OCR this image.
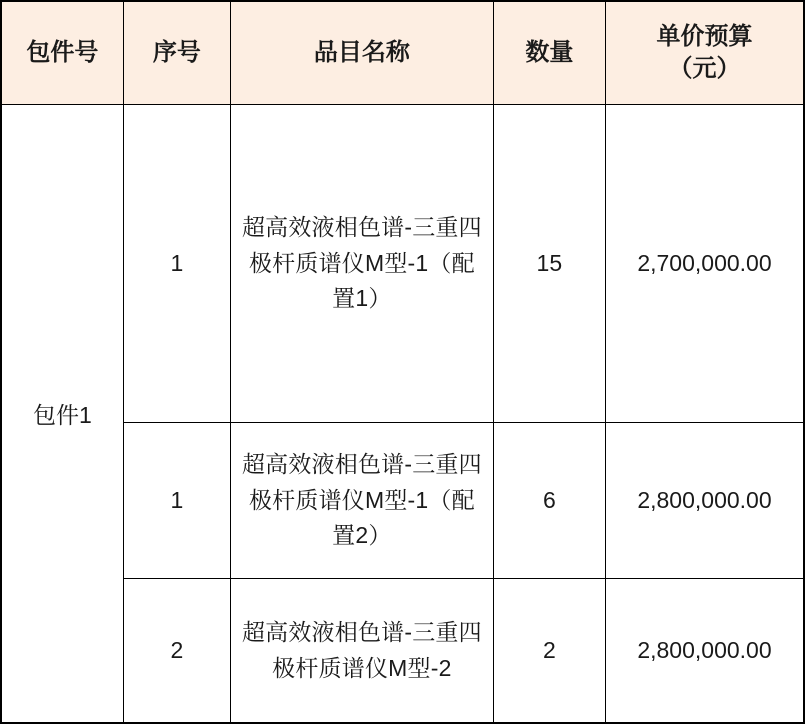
包件号	序号	品目名称	数量	单价预算
（元）

包件1	1	超高效液相色谱-三重四极杆质谱仪M型-1（配置1）	15	2,700,000.00
	1	超高效液相色谱-三重四极杆质谱仪M型-1（配置2）	6	2,800,000.00
	2	超高效液相色谱-三重四极杆质谱仪M型-2	2	2,800,000.00
